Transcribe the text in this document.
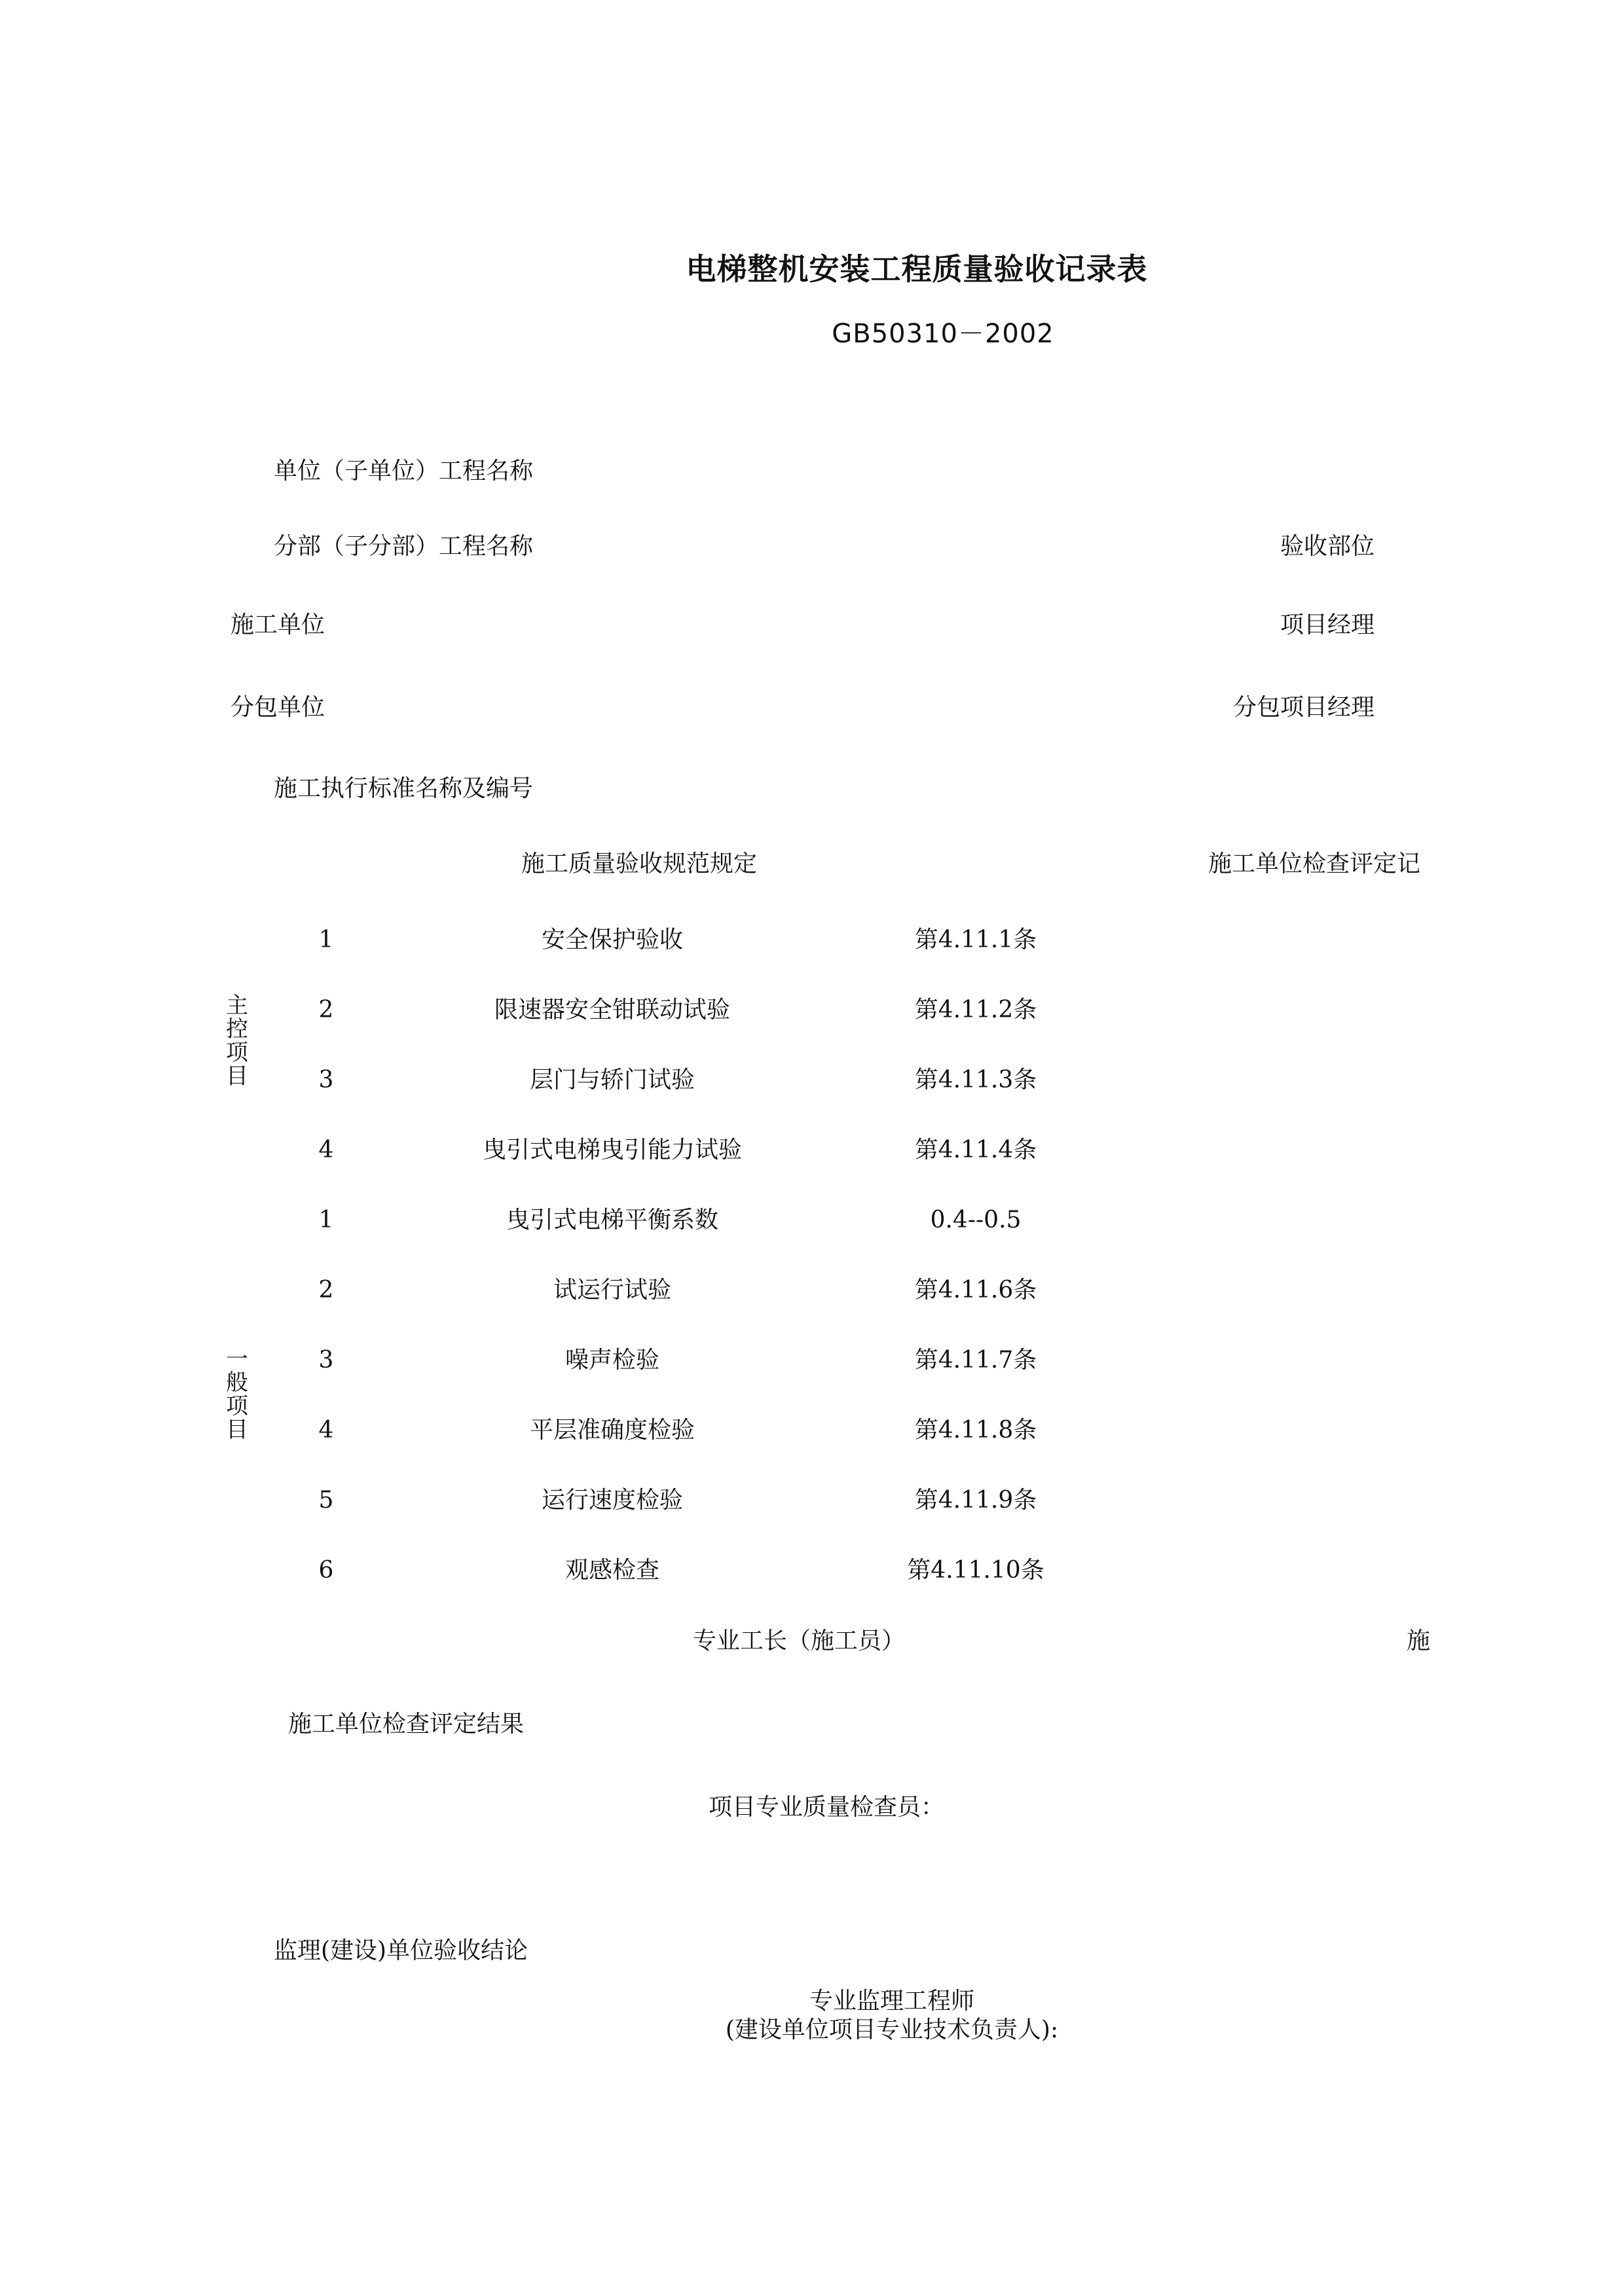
电梯整机安装工程质量验收记录表
GB50310－2002
单位（子单位）工程名称
分部（子分部）工程名称	验收部位
施工单位	项目经理
分包单位	分包项目经理
施工执行标准名称及编号
施工质量验收规范规定	施工单位检查评定记
主控项目
一般项目
1	安全保护验收	第4.11.1条
2	限速器安全钳联动试验	第4.11.2条
3	层门与轿门试验	第4.11.3条
4	曳引式电梯曳引能力试验	第4.11.4条
1	曳引式电梯平衡系数	0.4--0.5
2	试运行试验	第4.11.6条
3	噪声检验	第4.11.7条
4	平层准确度检验	第4.11.8条
5	运行速度检验	第4.11.9条
6	观感检查	第4.11.10条
专业工长（施工员）	施
施工单位检查评定结果
项目专业质量检查员：
监理(建设)单位验收结论
专业监理工程师
(建设单位项目专业技术负责人):
